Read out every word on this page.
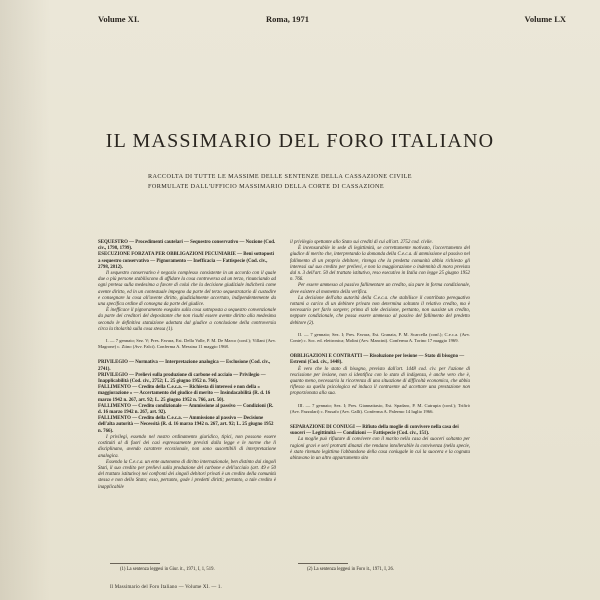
Volume XI.	Roma, 1971	Volume LX
IL MASSIMARIO DEL FORO ITALIANO
RACCOLTA DI TUTTE LE MASSIME DELLE SENTENZE DELLA CASSAZIONE CIVILE
FORMULATE DALL'UFFICIO MASSIMARIO DELLA CORTE DI CASSAZIONE

SEQUESTRO — Procedimenti cautelari — Sequestro conservativo — Nozione (Cod. civ., 1798, 1799).

ESECUZIONE FORZATA PER OBBLIGAZIONI PECUNIARIE — Beni sottoposti a sequestro conservativo — Pignoramento — Inefficacia — Fattispecie (Cod. civ., 2798, 2812).

Il sequestro conservativo è negozio complesso consistente in un accordo con il quale due o più persone stabiliscono di affidare la cosa controversa ad un terzo, rinunciando ad ogni pretesa sulla medesima a favore di colui che la decisione giudiziale indicherà come avente diritto, ed in un contestuale impegno da parte del terzo sequestratario di custodire e consegnare la cosa all'avente diritto, giudizialmente accertato, indipendentemente da una specifica ordine di consegna da parte del giudice.

È inefficace il pignoramento eseguito sulla cosa sottoposta a sequestro convenzionale da parte dei creditori del depositante che non risulti essere avente diritto alla medesima secondo le definitiva statuizione adottata dal giudice a conclusione della controversia circa la titolarità sulla cosa stessa (1).

I. — 7 gennaio; Sez. V; Pres. Favara, Est. Della Valle, P. M. De Marco (conf.); Villani (Avv. Magrone) c. Ziino (Avv. Falci). Conferma A. Messina 11 maggio 1968.

PRIVILEGIO — Normativa — Interpretazione analogica — Esclusione (Cod. civ., 2741).

PRIVILEGIO — Prelievi sulla produzione di carbone ed acciaio — Privilegio — Inapplicabilità (Cod. civ., 2752; L. 25 giugno 1952 n. 766).

FALLIMENTO — Credito della C.e.c.a. — Richiesta di interessi e non della « maggiorazione » — Accertamento del giudice di merito — Insindacabilità (R. d. 16 marzo 1942 n. 267, art. 92; L. 25 giugno 1952 n. 766, art. 50).

FALLIMENTO — Credito condizionale — Ammissione al passivo — Condizioni (R. d. 16 marzo 1942 n. 267, art. 92).

FALLIMENTO — Credito della C.e.c.a. — Ammissione al passivo — Decisione dell'alta autorità — Necessità (R. d. 16 marzo 1942 n. 267, art. 92; L. 25 giugno 1952 n. 766).

I privilegi, essendo nel nostro ordinamento giuridico, tipici, non possono essere costituiti al di fuori dei casi espressamente previsti dalla legge e le norme che li disciplinano, avendo carattere eccezionale, non sono suscettibili di interpretazione analogica.

Essendo la C.e.c.a. un ente autonomo di diritto internazionale, ben distinto dai singoli Stati, il suo credito per prelievi sulla produzione del carbone e dell'acciaio (art. 49 e 50 del trattato istitutivo) nei confronti dei singoli debitori privati è un credito della comunità stessa e non dello Stato; esso, pertanto, gode i predetti diritti; pertanto, a tale credito è inapplicabile

il privilegio spettante allo Stato sui crediti di cui all'art. 2752 cod. civile.

È incensurabile in sede di legittimità, se correttamente motivato, l'accertamento del giudice di merito che, interpretando la domanda della C.e.c.a. di ammissione al passivo nel fallimento di un proprio debitore, ritenga che la predetta comunità abbia richiesto gli interessi sul suo credito per prelievi, e non la maggiorazione o indennità di mora prevista dal n. 3 dell'art. 50 del trattato istitutivo, reso esecutivo in Italia con legge 25 giugno 1952 n. 766.

Per essere ammesso al passivo fallimentare un credito, sia pure in forma condizionale, deve esistere al momento della verifica.

La decisione dell'alta autorità della C.e.c.a. che stabilisce il contributo perequativo rottami a carico di un debitore privato non determina soltanto il relativo credito, ma è necessario per farlo sorgere; prima di tale decisione, pertanto, non sussiste un credito, neppure condizionale, che possa essere ammesso al passivo del fallimento del predetto debitore (2).

II. — 7 gennaio; Sez. I; Pres. Favara, Est. Granata, P. M. Scarcella (conf.); C.e.c.a. (Avv. Conte) c. Soc. ed. elettronica; Molini (Avv. Mancini). Conferma A. Torino 17 maggio 1969.

OBBLIGAZIONI E CONTRATTI — Risoluzione per lesione — Stato di bisogno — Estremi (Cod. civ., 1448).

È vero che lo stato di bisogno, previsto dall'art. 1448 cod. civ. per l'azione di rescissione per lesione, non si identifica con lo stato di indigenza, è anche vero che è, quanto meno, necessaria la ricorrenza di una situazione di difficoltà economica, che abbia riflesso su quella psicologica ed induca il contraente ad accettare una prestazione non proporzionata alla sua.

III. — 7 gennaio; Sez. I; Pres. Giannattasio, Est. Spadaro, P. M. Cutrupia (conf.); Trifirò (Avv. Fazzalari) c. Passafo (Avv. Galli). Conferma A. Palermo 14 luglio 1966.

SEPARAZIONE DI CONIUGI — Rifiuto della moglie di convivere nella casa dei suoceri — Legittimità — Condizioni — Fattispecie (Cod. civ., 151).

La moglie può rifiutare di convivere con il marito nella casa dei suoceri soltanto per ragioni gravi e seri protratti dinanzi che rendano intollerabile la convivenza (nella specie, è stato ritenuto legittimo l'abbandono della casa coniugale in cui la suocera e la cognata abitavano in un altro appartamento sito

(1) La sentenza leggesi in Giur. it., 1971, I, 1, 519.	(2) La sentenza leggesi in Foro it., 1971, I, 26.
Il Massimario del Foro Italiano — Volume XI. — 1.
